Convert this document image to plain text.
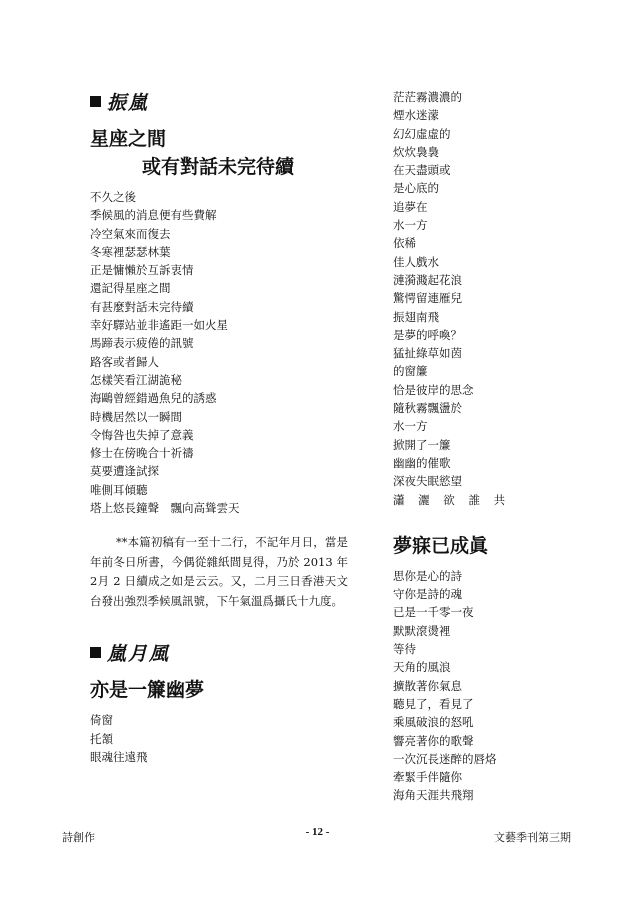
振嵐
星座之間
或有對話未完待續
不久之後
季候風的消息便有些費解
冷空氣來而復去
冬寒裡瑟瑟林葉
正是慵懶於互訴衷情
還記得星座之間
有甚麼對話未完待續
幸好驛站並非遙距一如火星
馬蹄表示疲倦的訊號
路客或者歸人
怎樣笑看江湖詭秘
海鷗曾經錯過魚兒的誘惑
時機居然以一瞬間
令悔咎也失掉了意義
修士在傍晚合十祈禱
莫要遭逢試探
唯側耳傾聽
塔上悠長鐘聲　飄向高聳雲天

**本篇初稿有一至十二行，不記年月日，當是年前冬日所書，今偶從雜紙間見得，乃於 2013 年2月 2 日續成之如是云云。又，二月三日香港天文台發出強烈季候風訊號，下午氣溫爲攝氏十九度。

嵐月風
亦是一簾幽夢
倚窗
托頷
眼魂往遠飛
茫茫霧濃濃的
煙水迷濛
幻幻虛虛的
炊炊裊裊
在天盡頭或
是心底的
追夢在
水一方
依稀
佳人戲水
漣漪濺起花浪
驚愕留連雁兒
振翅南飛
是夢的呼喚？
猛扯綠草如茵
的窗簾
恰是彼岸的思念
隨秋霧飄盪於
水一方
掀開了一簾
幽幽的催歌
深夜失眠慾望
瀟 灑 欲 誰 共
夢寐已成眞
思你是心的詩
守你是詩的魂
已是一千零一夜
默默滾燙裡
等待
天角的風浪
擴散著你氣息
聽見了，看見了
乘風破浪的怒吼
響亮著你的歌聲
一次沉長迷醉的唇烙
牽緊手伴隨你
海角天涯共飛翔
詩創作	- 12 -	文藝季刊第三期
